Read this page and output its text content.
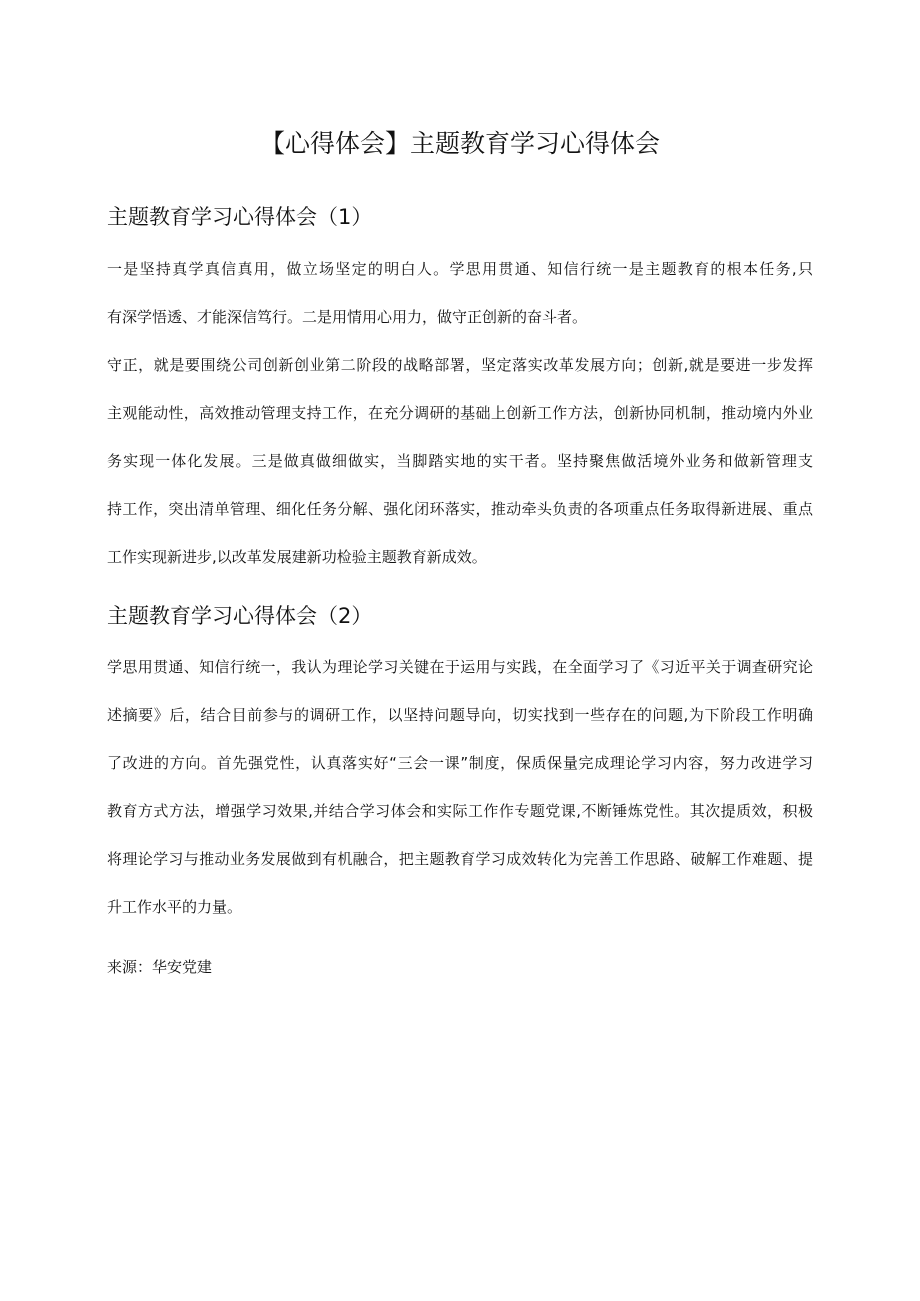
【心得体会】主题教育学习心得体会
主题教育学习心得体会（1）
一是坚持真学真信真用，做立场坚定的明白人。学思用贯通、知信行统一是主题教育的根本任务,只
有深学悟透、才能深信笃行。二是用情用心用力，做守正创新的奋斗者。
守正，就是要围绕公司创新创业第二阶段的战略部署，坚定落实改革发展方向；创新,就是要进一步发挥
主观能动性，高效推动管理支持工作，在充分调研的基础上创新工作方法，创新协同机制，推动境内外业
务实现一体化发展。三是做真做细做实，当脚踏实地的实干者。坚持聚焦做活境外业务和做新管理支
持工作，突出清单管理、细化任务分解、强化闭环落实，推动牵头负责的各项重点任务取得新进展、重点
工作实现新进步,以改革发展建新功检验主题教育新成效。
主题教育学习心得体会（2）
学思用贯通、知信行统一，我认为理论学习关键在于运用与实践，在全面学习了《习近平关于调查研究论
述摘要》后，结合目前参与的调研工作，以坚持问题导向，切实找到一些存在的问题,为下阶段工作明确
了改进的方向。首先强党性，认真落实好“三会一课”制度，保质保量完成理论学习内容，努力改进学习
教育方式方法，增强学习效果,并结合学习体会和实际工作作专题党课,不断锤炼党性。其次提质效，积极
将理论学习与推动业务发展做到有机融合，把主题教育学习成效转化为完善工作思路、破解工作难题、提
升工作水平的力量。
来源：华安党建
